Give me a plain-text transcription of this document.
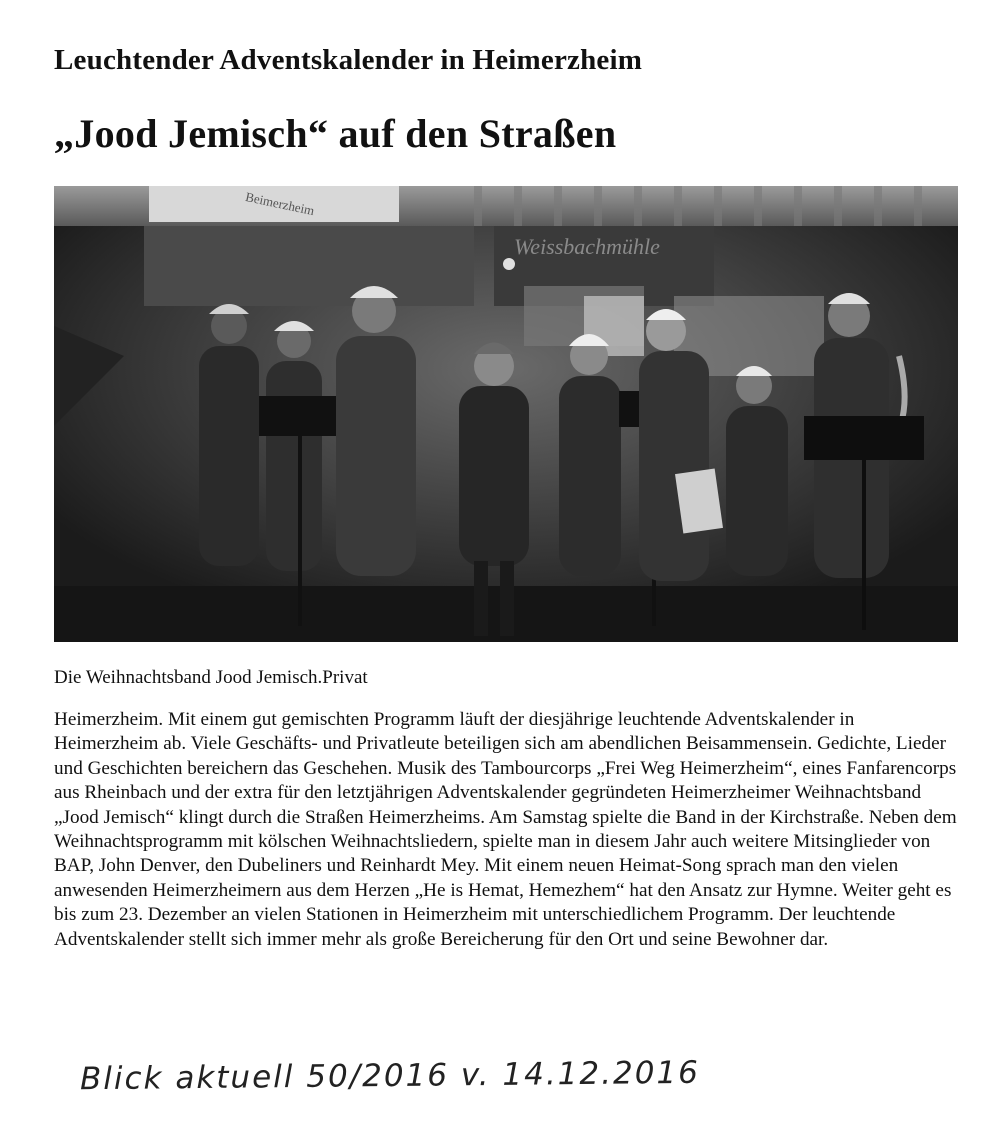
Leuchtender Adventskalender in Heimerzheim
„Jood Jemisch“ auf den Straßen
Beimerzheim
Weissbachmühle
Die Weihnachtsband Jood Jemisch.Privat

Heimerzheim. Mit einem gut gemischten Programm läuft der diesjährige leuchtende Adventskalender in Heimerzheim ab. Viele Geschäfts- und Privatleute beteiligen sich am abendlichen Beisammensein. Gedichte, Lieder und Geschichten bereichern das Geschehen. Musik des Tambourcorps „Frei Weg Heimerzheim“, eines Fanfarencorps aus Rheinbach und der extra für den letztjährigen Adventskalender gegründeten Heimerzheimer Weihnachtsband „Jood Jemisch“ klingt durch die Straßen Heimerzheims. Am Samstag spielte die Band in der Kirchstraße. Neben dem Weihnachtsprogramm mit kölschen Weihnachtsliedern, spielte man in diesem Jahr auch weitere Mitsinglieder von BAP, John Denver, den Dubeliners und Reinhardt Mey. Mit einem neuen Heimat-Song sprach man den vielen anwesenden Heimerzheimern aus dem Herzen „He is Hemat, Hemezhem“ hat den Ansatz zur Hymne. Weiter geht es bis zum 23. Dezember an vielen Stationen in Heimerzheim mit unterschiedlichem Programm. Der leuchtende Adventskalender stellt sich immer mehr als große Bereicherung für den Ort und seine Bewohner dar.

Blick aktuell 50/2016 v. 14.12.2016
